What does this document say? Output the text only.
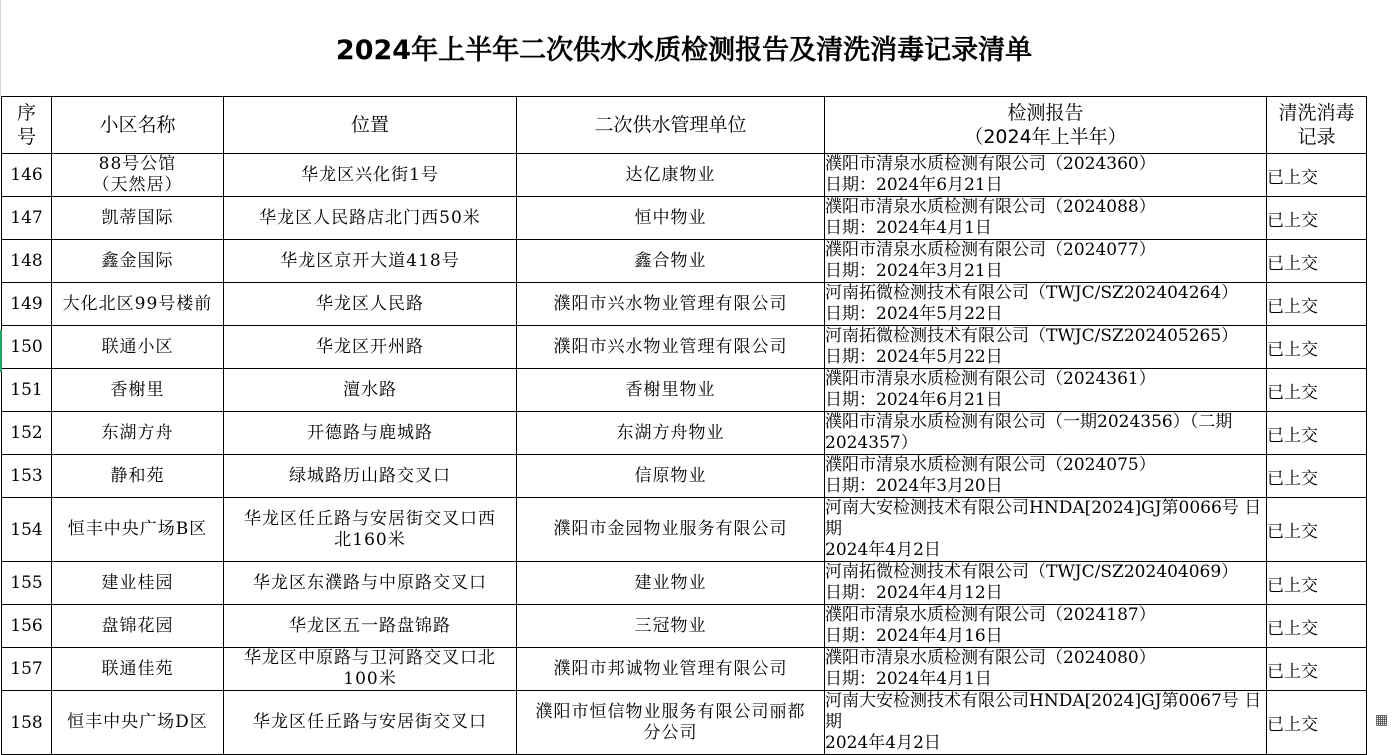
2024年上半年二次供水水质检测报告及清洗消毒记录清单
序
号	小区名称	位置	二次供水管理单位	检测报告
（2024年上半年）	清洗消毒
记录

146	88号公馆
（天然居）	华龙区兴化街1号	达亿康物业	濮阳市清泉水质检测有限公司（2024360）
日期：2024年6月21日	已上交
147	凯蒂国际	华龙区人民路店北门西50米	恒中物业	濮阳市清泉水质检测有限公司（2024088）
日期：2024年4月1日	已上交
148	鑫金国际	华龙区京开大道418号	鑫合物业	濮阳市清泉水质检测有限公司（2024077）
日期：2024年3月21日	已上交
149	大化北区99号楼前	华龙区人民路	濮阳市兴水物业管理有限公司	河南拓微检测技术有限公司（TWJC/SZ202404264）
日期：2024年5月22日	已上交
150	联通小区	华龙区开州路	濮阳市兴水物业管理有限公司	河南拓微检测技术有限公司（TWJC/SZ202405265）
日期：2024年5月22日	已上交
151	香榭里	澶水路	香榭里物业	濮阳市清泉水质检测有限公司（2024361）
日期：2024年6月21日	已上交
152	东湖方舟	开德路与鹿城路	东湖方舟物业	濮阳市清泉水质检测有限公司（一期2024356）（二期
2024357）	已上交
153	静和苑	绿城路历山路交叉口	信原物业	濮阳市清泉水质检测有限公司（2024075）
日期：2024年3月20日	已上交
154	恒丰中央广场B区	华龙区任丘路与安居街交叉口西
北160米	濮阳市金园物业服务有限公司	河南大安检测技术有限公司HNDA[2024]GJ第0066号 日期
2024年4月2日	已上交
155	建业桂园	华龙区东濮路与中原路交叉口	建业物业	河南拓微检测技术有限公司（TWJC/SZ202404069）
日期：2024年4月12日	已上交
156	盘锦花园	华龙区五一路盘锦路	三冠物业	濮阳市清泉水质检测有限公司（2024187）
日期：2024年4月16日	已上交
157	联通佳苑	华龙区中原路与卫河路交叉口北
100米	濮阳市邦诚物业管理有限公司	濮阳市清泉水质检测有限公司（2024080）
日期：2024年4月1日	已上交
158	恒丰中央广场D区	华龙区任丘路与安居街交叉口	濮阳市恒信物业服务有限公司丽都
分公司	河南大安检测技术有限公司HNDA[2024]GJ第0067号 日期
2024年4月2日	已上交	▦
